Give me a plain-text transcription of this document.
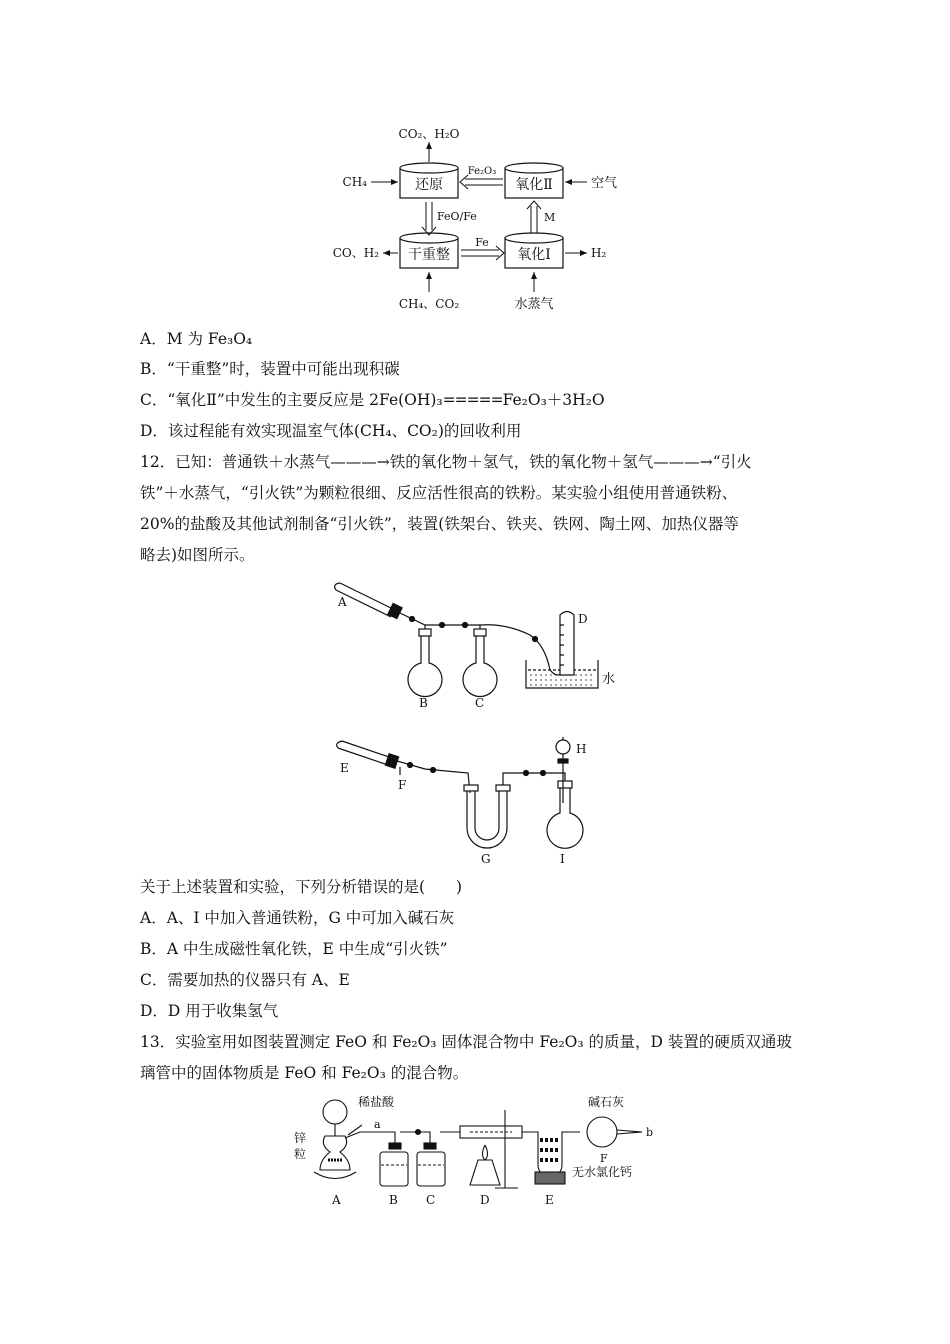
还原	氧化Ⅱ
干重整	氧化Ⅰ
CO₂、H₂O
CH₄	空气
Fe₂O₃
FeO/Fe	M
Fe
CO、H₂	H₂
CH₄、CO₂	水蒸气
A．M 为 Fe₃O₄
B．“干重整”时，装置中可能出现积碳
C．“氧化Ⅱ”中发生的主要反应是 2Fe(OH)₃=====Fe₂O₃＋3H₂O
D．该过程能有效实现温室气体(CH₄、CO₂)的回收利用
12．已知：普通铁＋水蒸气———→铁的氧化物＋氢气，铁的氧化物＋氢气———→“引火
铁”＋水蒸气，“引火铁”为颗粒很细、反应活性很高的铁粉。某实验小组使用普通铁粉、
20%的盐酸及其他试剂制备“引火铁”，装置(铁架台、铁夹、铁网、陶土网、加热仪器等
略去)如图所示。
A
B	C
D
水
E
F
G
H
I
关于上述装置和实验，下列分析错误的是(　　)
A．A、I 中加入普通铁粉，G 中可加入碱石灰
B．A 中生成磁性氧化铁，E 中生成“引火铁”
C．需要加热的仪器只有 A、E
D．D 用于收集氢气
13．实验室用如图装置测定 FeO 和 Fe₂O₃ 固体混合物中 Fe₂O₃ 的质量，D 装置的硬质双通玻
璃管中的固体物质是 FeO 和 Fe₂O₃ 的混合物。
稀盐酸
锌
粒
a
碱石灰
b
F
无水氯化钙
A	B C	D	E
